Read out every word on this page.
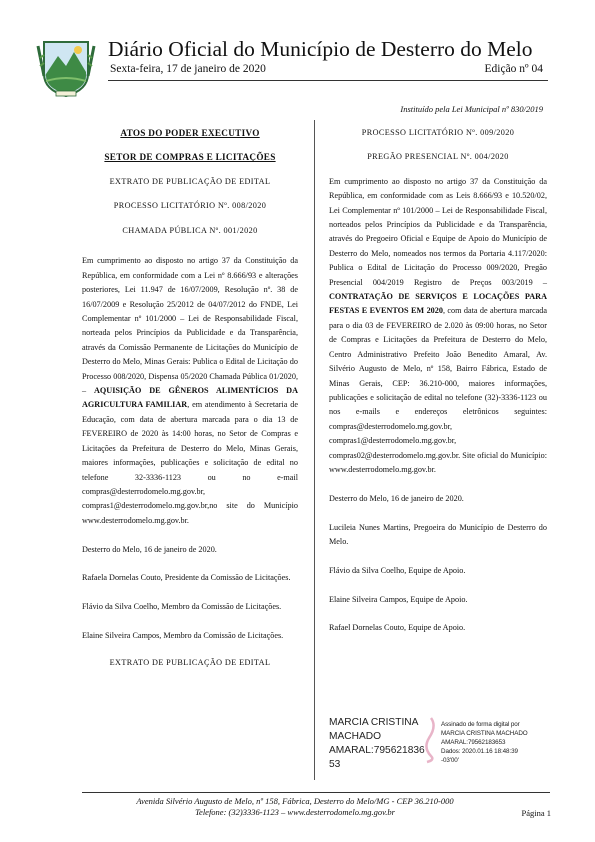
Diário Oficial do Município de Desterro do Melo
Sexta-feira, 17 de janeiro de 2020	Edição nº 04
Instituído pela Lei Municipal nº 830/2019
ATOS DO PODER EXECUTIVO
SETOR DE COMPRAS E LICITAÇÕES
EXTRATO DE PUBLICAÇÃO DE EDITAL
PROCESSO LICITATÓRIO Nº. 008/2020
CHAMADA PÚBLICA Nº. 001/2020

Em cumprimento ao disposto no artigo 37 da Constituição da República, em conformidade com a Lei nº 8.666/93 e alterações posteriores, Lei 11.947 de 16/07/2009, Resolução nº. 38 de 16/07/2009 e Resolução 25/2012 de 04/07/2012 do FNDE, Lei Complementar nº 101/2000 – Lei de Responsabilidade Fiscal, norteada pelos Princípios da Publicidade e da Transparência, através da Comissão Permanente de Licitações do Município de Desterro do Melo, Minas Gerais: Publica o Edital de Licitação do Processo 008/2020, Dispensa 05/2020 Chamada Pública 01/2020, – AQUISIÇÃO DE GÊNEROS ALIMENTÍCIOS DA AGRICULTURA FAMILIAR, em atendimento à Secretaria de Educação, com data de abertura marcada para o dia 13 de FEVEREIRO de 2020 às 14:00 horas, no Setor de Compras e Licitações da Prefeitura de Desterro do Melo, Minas Gerais, maiores informações, publicações e solicitação de edital no telefone 32-3336-1123 ou no e-mail compras@desterrodomelo.mg.gov.br, compras1@desterrodomelo.mg.gov.br,no site do Município www.desterrodomelo.mg.gov.br.

Desterro do Melo, 16 de janeiro de 2020.

Rafaela Dornelas Couto, Presidente da Comissão de Licitações.

Flávio da Silva Coelho, Membro da Comissão de Licitações.

Elaine Silveira Campos, Membro da Comissão de Licitações.

EXTRATO DE PUBLICAÇÃO DE EDITAL
PROCESSO LICITATÓRIO Nº. 009/2020
PREGÃO PRESENCIAL Nº. 004/2020

Em cumprimento ao disposto no artigo 37 da Constituição da República, em conformidade com as Leis 8.666/93 e 10.520/02, Lei Complementar nº 101/2000 – Lei de Responsabilidade Fiscal, norteados pelos Princípios da Publicidade e da Transparência, através do Pregoeiro Oficial e Equipe de Apoio do Município de Desterro do Melo, nomeados nos termos da Portaria 4.117/2020: Publica o Edital de Licitação do Processo 009/2020, Pregão Presencial 004/2019 Registro de Preços 003/2019 – CONTRATAÇÃO DE SERVIÇOS E LOCAÇÕES PARA FESTAS E EVENTOS EM 2020, com data de abertura marcada para o dia 03 de FEVEREIRO de 2.020 às 09:00 horas, no Setor de Compras e Licitações da Prefeitura de Desterro do Melo, Centro Administrativo Prefeito João Benedito Amaral, Av. Silvério Augusto de Melo, nº 158, Bairro Fábrica, Estado de Minas Gerais, CEP: 36.210-000, maiores informações, publicações e solicitação de edital no telefone (32)-3336-1123 ou nos e-mails e endereços eletrônicos seguintes: compras@desterrodomelo.mg.gov.br, compras1@desterrodomelo.mg.gov.br, compras02@desterrodomelo.mg.gov.br. Site oficial do Município: www.desterrodomelo.mg.gov.br.

Desterro do Melo, 16 de janeiro de 2020.

Lucileia Nunes Martins, Pregoeira do Município de Desterro do Melo.

Flávio da Silva Coelho, Equipe de Apoio.

Elaine Silveira Campos, Equipe de Apoio.

Rafael Dornelas Couto, Equipe de Apoio.

MARCIA CRISTINA
MACHADO
AMARAL:795621836
53
Assinado de forma digital por
MARCIA CRISTINA MACHADO
AMARAL:79562183653
Dados: 2020.01.16 18:48:39
-03'00'
Avenida Silvério Augusto de Melo, nº 158, Fábrica, Desterro do Melo/MG - CEP 36.210-000
Telefone: (32)3336-1123 – www.desterrodomelo.mg.gov.br	Página 1
